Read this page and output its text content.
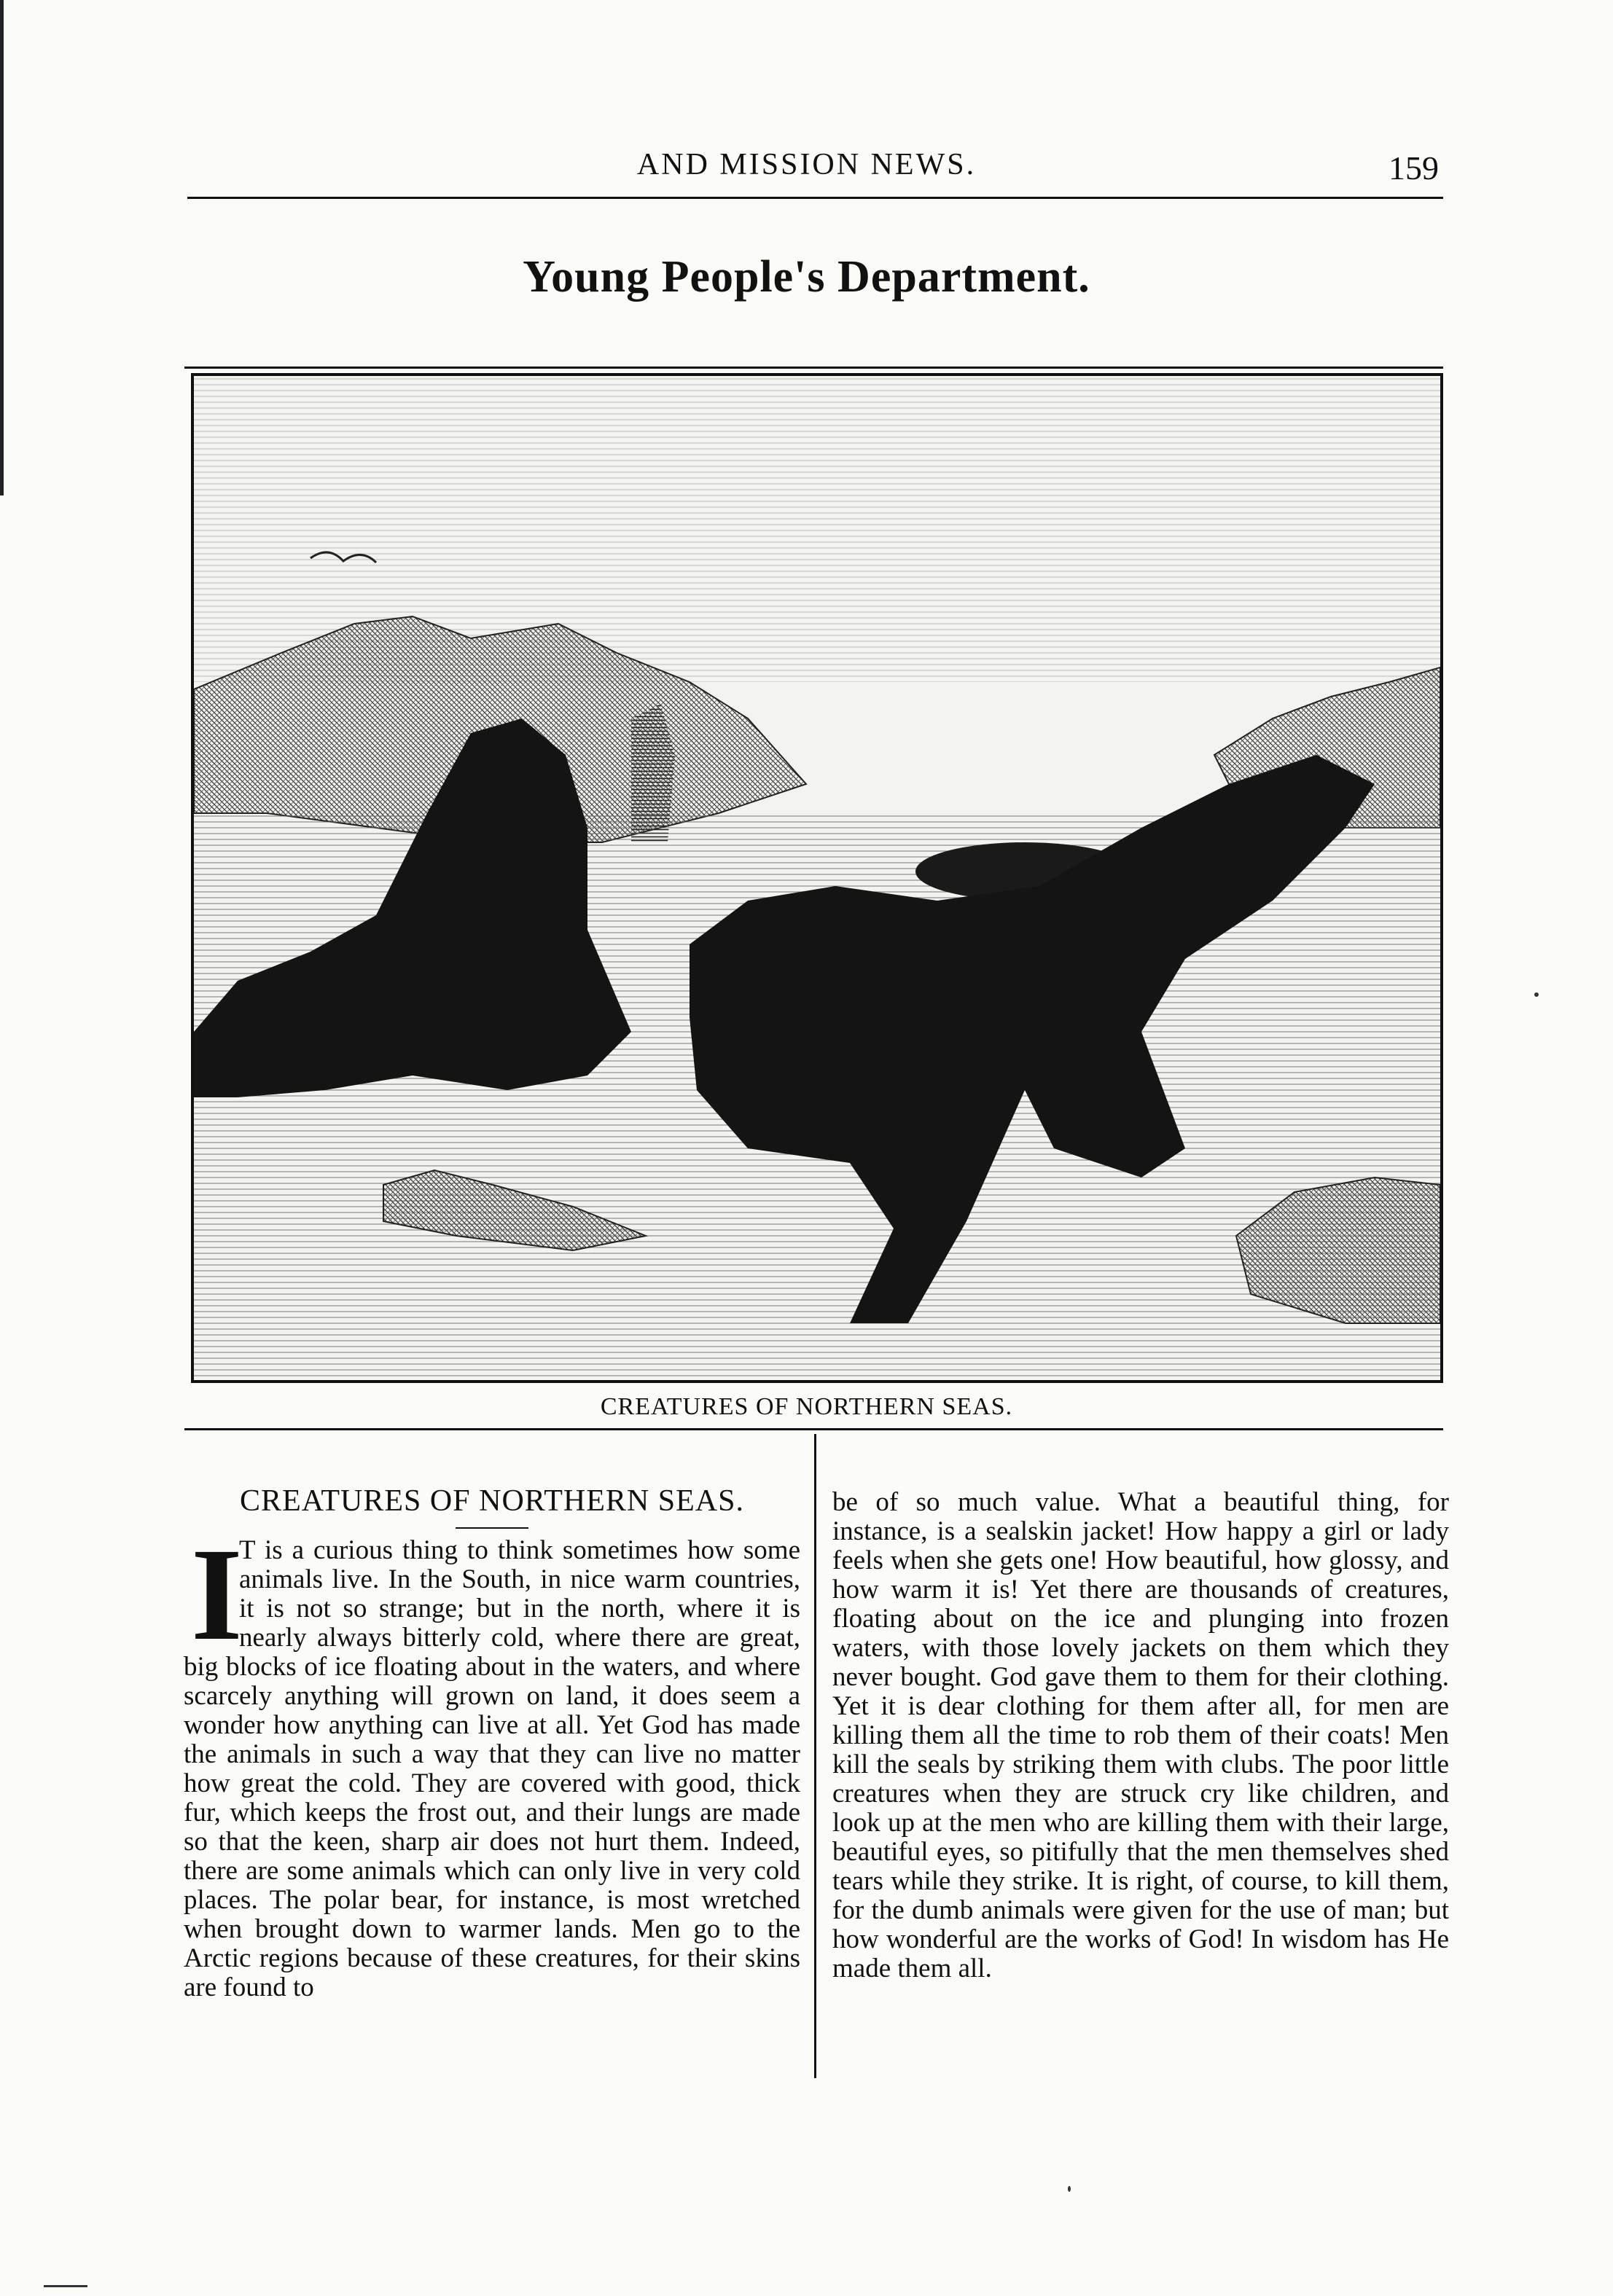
AND MISSION NEWS.	159
Young People's Department.
CREATURES OF NORTHERN SEAS.
CREATURES OF NORTHERN SEAS.
I

T is a curious thing to think sometimes how some animals live. In the South, in nice warm countries, it is not so strange; but in the north, where it is nearly always bitterly cold, where there are great, big blocks of ice floating about in the waters, and where scarcely anything will grown on land, it does seem a wonder how anything can live at all. Yet God has made the animals in such a way that they can live no matter how great the cold. They are covered with good, thick fur, which keeps the frost out, and their lungs are made so that the keen, sharp air does not hurt them. Indeed, there are some animals which can only live in very cold places. The polar bear, for instance, is most wretched when brought down to warmer lands. Men go to the Arctic regions because of these creatures, for their skins are found to

be of so much value. What a beautiful thing, for instance, is a sealskin jacket! How happy a girl or lady feels when she gets one! How beautiful, how glossy, and how warm it is! Yet there are thousands of creatures, floating about on the ice and plunging into frozen waters, with those lovely jackets on them which they never bought. God gave them to them for their clothing. Yet it is dear clothing for them after all, for men are killing them all the time to rob them of their coats! Men kill the seals by striking them with clubs. The poor little creatures when they are struck cry like children, and look up at the men who are killing them with their large, beautiful eyes, so pitifully that the men themselves shed tears while they strike. It is right, of course, to kill them, for the dumb animals were given for the use of man; but how wonderful are the works of God! In wisdom has He made them all.
